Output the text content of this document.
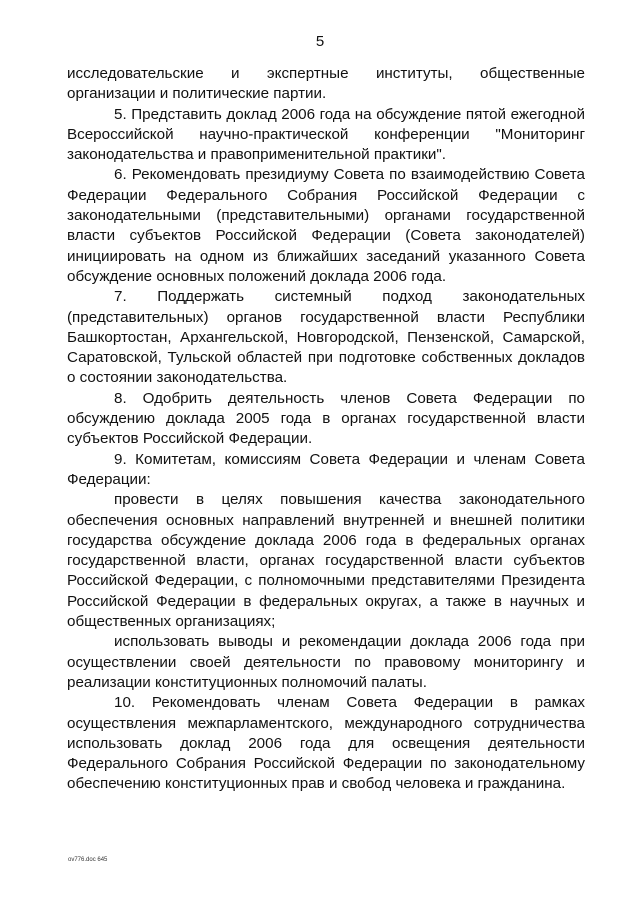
5

исследовательские и экспертные институты, общественные организации и политические партии.

5. Представить доклад 2006 года на обсуждение пятой ежегодной Всероссийской научно-практической конференции "Мониторинг законодательства и правоприменительной практики".

6. Рекомендовать президиуму Совета по взаимодействию Совета Федерации Федерального Собрания Российской Федерации с законодательными (представительными) органами государственной власти субъектов Российской Федерации (Совета законодателей) инициировать на одном из ближайших заседаний указанного Совета обсуждение основных положений доклада 2006 года.

7. Поддержать системный подход законодательных (представительных) органов государственной власти Республики Башкортостан, Архангельской, Новгородской, Пензенской, Самарской, Саратовской, Тульской областей при подготовке собственных докладов о состоянии законодательства.

8. Одобрить деятельность членов Совета Федерации по обсуждению доклада 2005 года в органах государственной власти субъектов Российской Федерации.

9. Комитетам, комиссиям Совета Федерации и членам Совета Федерации:

провести в целях повышения качества законодательного обеспечения основных направлений внутренней и внешней политики государства обсуждение доклада 2006 года в федеральных органах государственной власти, органах государственной власти субъектов Российской Федерации, с полномочными представителями Президента Российской Федерации в федеральных округах, а также в научных и общественных организациях;

использовать выводы и рекомендации доклада 2006 года при осуществлении своей деятельности по правовому мониторингу и реализации конституционных полномочий палаты.

10. Рекомендовать членам Совета Федерации в рамках осуществления межпарламентского, международного сотрудничества использовать доклад 2006 года для освещения деятельности Федерального Собрания Российской Федерации по законодательному обеспечению конституционных прав и свобод человека и гражданина.

ov776.doc 645
